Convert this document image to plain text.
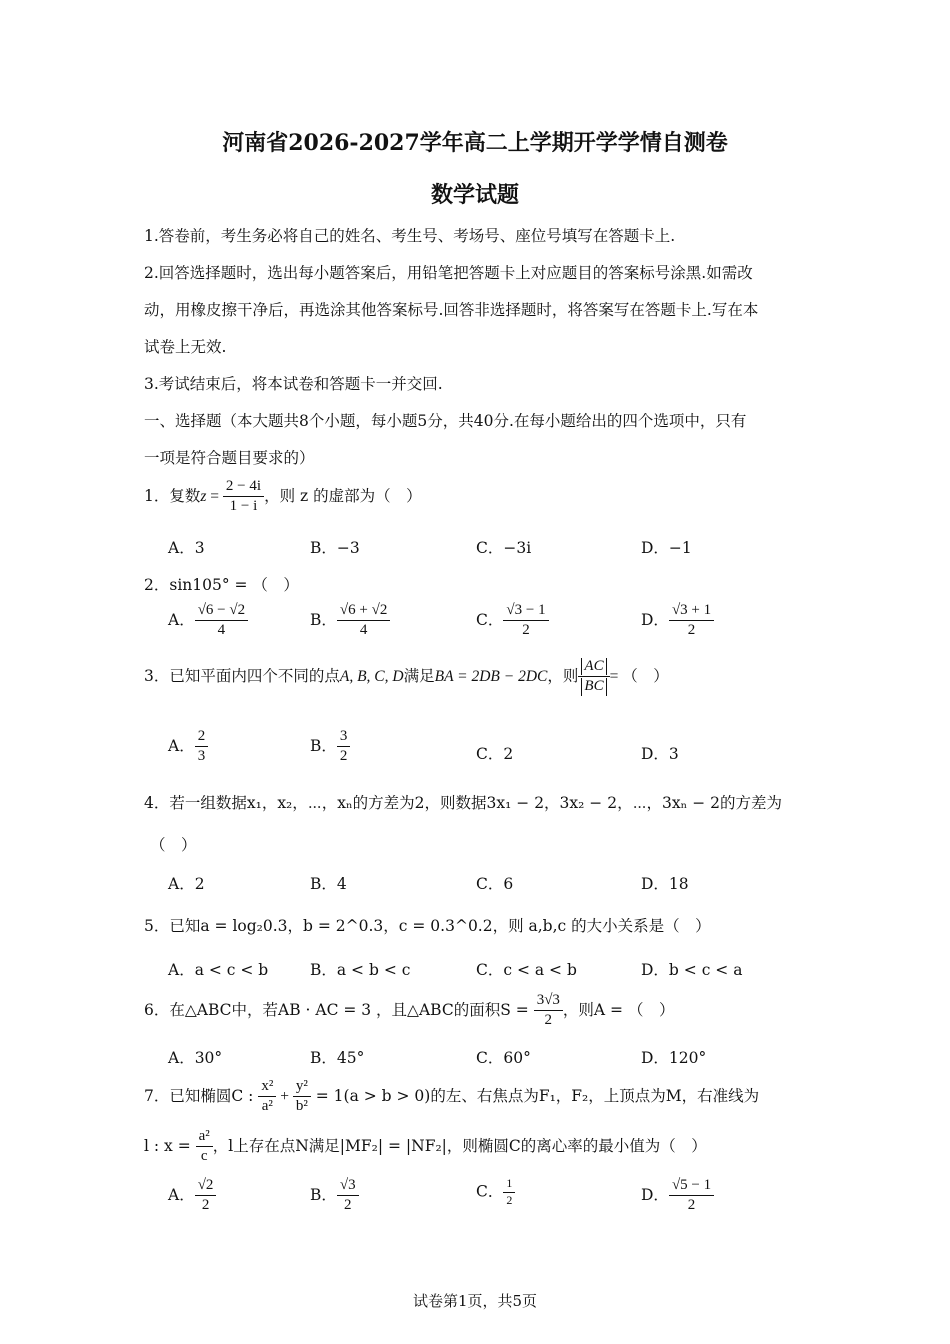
河南省2026-2027学年高二上学期开学学情自测卷
数学试题
1.答卷前，考生务必将自己的姓名、考生号、考场号、座位号填写在答题卡上.
2.回答选择题时，选出每小题答案后，用铅笔把答题卡上对应题目的答案标号涂黑.如需改
动，用橡皮擦干净后，再选涂其他答案标号.回答非选择题时，将答案写在答题卡上.写在本
试卷上无效.
3.考试结束后，将本试卷和答题卡一并交回.
一、选择题（本大题共8个小题，每小题5分，共40分.在每小题给出的四个选项中，只有
一项是符合题目要求的）
1．复数$z = \frac{2 - 4i}{1 - i}$ ，则 z 的虚部为（　）
A．3	B．−3	C．−3i	D．−1
2．sin105° = （　）
A． $\frac{√6 - √2}{4}$	B． $\frac{√6 + √2}{4}$	C． $\frac{√3 - 1}{2}$	D． $\frac{√3 + 1}{2}$
3．已知平面内四个不同的点A, B, C, D满足BA = 2DB − 2DC，则 $\frac{AC}{BC}$ = （　）
A． $\frac{2}{3}$	B． $\frac{3}{2}$	C．2	D．3
4．若一组数据x₁，x₂，⋯，xₙ的方差为2，则数据3x₁ − 2，3x₂ − 2，⋯，3xₙ − 2的方差为
（　）
A．2	B．4	C．6	D．18
5．已知a = log₂0.3，b = 2^0.3，c = 0.3^0.2，则 a,b,c 的大小关系是（　）
A．a < c < b	B．a < b < c	C．c < a < b	D．b < c < a
6．在△ABC中，若AB · AC = 3 ，且△ABC的面积$S = \frac{3√3}{2}$ ，则A = （　）
A．30°	B．45°	C．60°	D．120°
7．已知椭圆C : $\frac{\text{x²}}{\text{a²}} + \frac{\text{y²}}{\text{b²}} = 1(a > b > 0)$的左、右焦点为F₁，F₂，上顶点为M，右准线为
l : $x = \frac{\text{a²}}{c}$ ，l上存在点N满足|MF₂| = |NF₂|，则椭圆C的离心率的最小值为（　）
A． $\frac{√2}{2}$	B． $\frac{√3}{2}$	C． $\frac{1}{2}$	D． $\frac{√5 - 1}{2}$
试卷第1页，共5页
